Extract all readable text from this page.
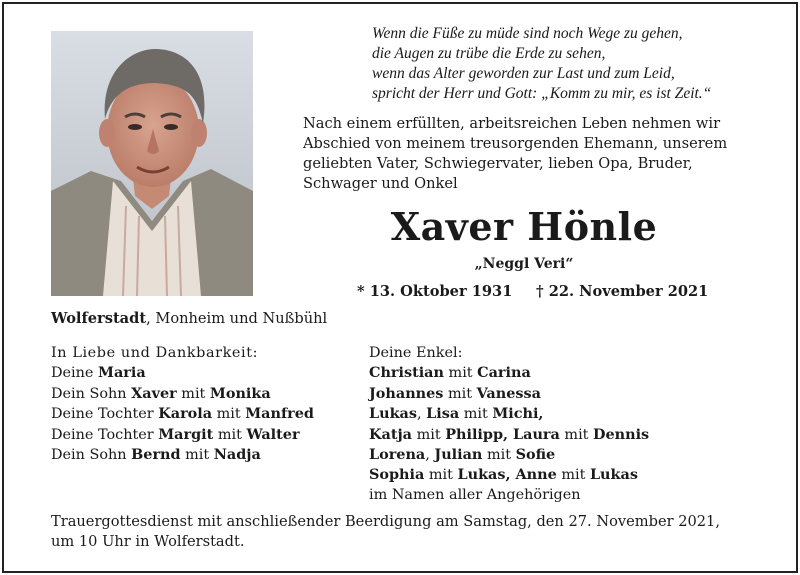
Wenn die Füße zu müde sind noch Wege zu gehen,
die Augen zu trübe die Erde zu sehen,
wenn das Alter geworden zur Last und zum Leid,
spricht der Herr und Gott: „Komm zu mir, es ist Zeit.“
Nach einem erfüllten, arbeitsreichen Leben nehmen wir
Abschied von meinem treusorgenden Ehemann, unserem
geliebten Vater, Schwiegervater, lieben Opa, Bruder,
Schwager und Onkel
Xaver Hönle
„Neggl Veri“
* 13. Oktober 1931 † 22. November 2021
Wolferstadt, Monheim und Nußbühl
In Liebe und Dankbarkeit:
Deine Maria
Dein Sohn Xaver mit Monika
Deine Tochter Karola mit Manfred
Deine Tochter Margit mit Walter
Dein Sohn Bernd mit Nadja
Deine Enkel:
Christian mit Carina
Johannes mit Vanessa
Lukas, Lisa mit Michi,
Katja mit Philipp, Laura mit Dennis
Lorena, Julian mit Sofie
Sophia mit Lukas, Anne mit Lukas
im Namen aller Angehörigen
Trauergottesdienst mit anschließender Beerdigung am Samstag, den 27. November 2021,
um 10 Uhr in Wolferstadt.
